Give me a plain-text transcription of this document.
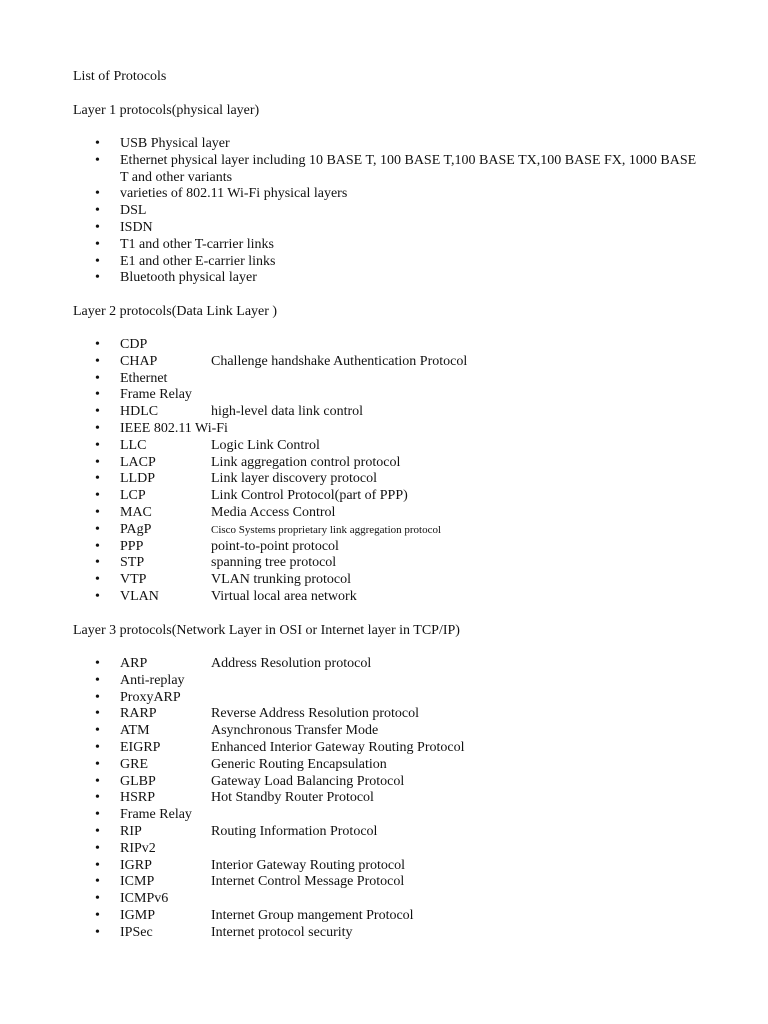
List of Protocols
Layer 1 protocols(physical layer)
• USB Physical layer
• Ethernet physical layer including 10 BASE T, 100 BASE T,100 BASE TX,100 BASE FX, 1000 BASE T and other variants
• varieties of 802.11 Wi-Fi physical layers
• DSL
• ISDN
• T1 and other T-carrier links
• E1 and other E-carrier links
• Bluetooth physical layer
Layer 2 protocols(Data Link Layer )
• CDP
• CHAP	Challenge handshake Authentication Protocol
• Ethernet
• Frame Relay
• HDLC	high-level data link control
• IEEE 802.11 Wi-Fi
• LLC	Logic Link Control
• LACP	Link aggregation control protocol
• LLDP	Link layer discovery protocol
• LCP	Link Control Protocol(part of PPP)
• MAC	Media Access Control
• PAgP	Cisco Systems proprietary link aggregation protocol
• PPP	point-to-point protocol
• STP	spanning tree protocol
• VTP	VLAN trunking protocol
• VLAN	Virtual local area network
Layer 3 protocols(Network Layer in OSI or Internet layer in TCP/IP)
• ARP	Address Resolution protocol
• Anti-replay
• ProxyARP
• RARP	Reverse Address Resolution protocol
• ATM	Asynchronous Transfer Mode
• EIGRP	Enhanced Interior Gateway Routing Protocol
• GRE	Generic Routing Encapsulation
• GLBP	Gateway Load Balancing Protocol
• HSRP	Hot Standby Router Protocol
• Frame Relay
• RIP	Routing Information Protocol
• RIPv2
• IGRP	Interior Gateway Routing protocol
• ICMP	Internet Control Message Protocol
• ICMPv6
• IGMP	Internet Group mangement Protocol
• IPSec	Internet protocol security
